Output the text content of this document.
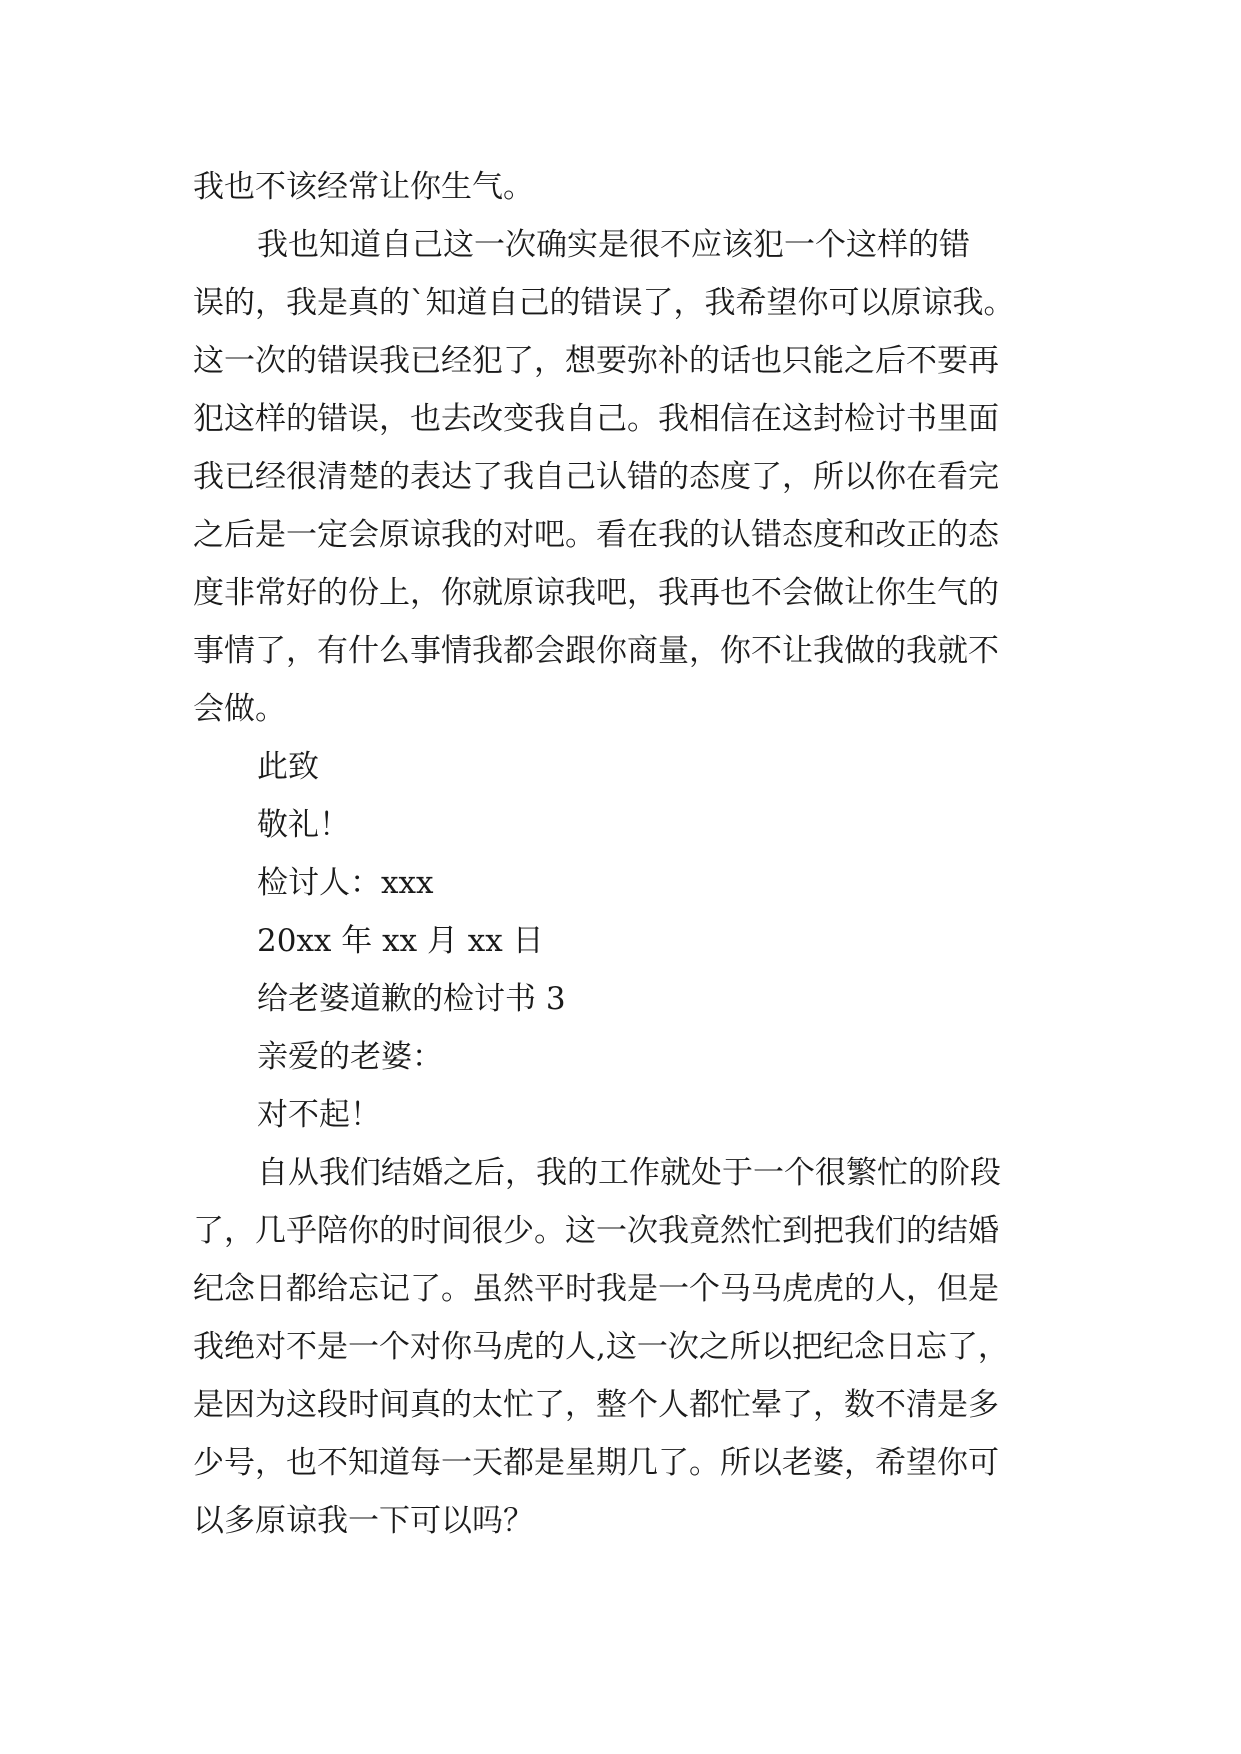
我也不该经常让你生气。
我也知道自己这一次确实是很不应该犯一个这样的错
误的，我是真的`知道自己的错误了，我希望你可以原谅我。
这一次的错误我已经犯了，想要弥补的话也只能之后不要再
犯这样的错误，也去改变我自己。我相信在这封检讨书里面
我已经很清楚的表达了我自己认错的态度了，所以你在看完
之后是一定会原谅我的对吧。看在我的认错态度和改正的态
度非常好的份上，你就原谅我吧，我再也不会做让你生气的
事情了，有什么事情我都会跟你商量，你不让我做的我就不
会做。
此致
敬礼！
检讨人：xxx
20xx 年 xx 月 xx 日
给老婆道歉的检讨书 3
亲爱的老婆：
对不起！
自从我们结婚之后，我的工作就处于一个很繁忙的阶段
了，几乎陪你的时间很少。这一次我竟然忙到把我们的结婚
纪念日都给忘记了。虽然平时我是一个马马虎虎的人，但是
我绝对不是一个对你马虎的人,这一次之所以把纪念日忘了，
是因为这段时间真的太忙了，整个人都忙晕了，数不清是多
少号，也不知道每一天都是星期几了。所以老婆，希望你可
以多原谅我一下可以吗？
